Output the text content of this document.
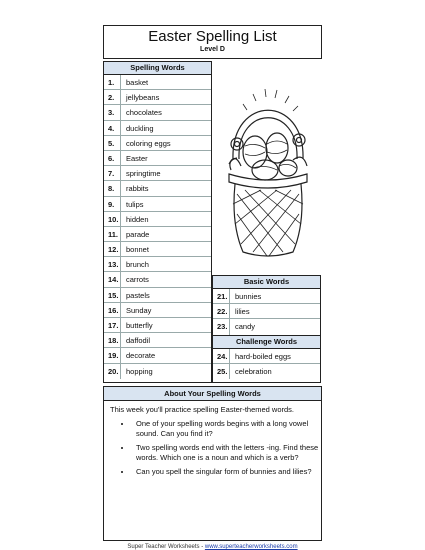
Easter Spelling List
Level D
Spelling Words
1.	basket
2.	jellybeans
3.	chocolates
4.	duckling
5.	coloring eggs
6.	Easter
7.	springtime
8.	rabbits
9.	tulips
10.	hidden
11.	parade
12.	bonnet
13.	brunch
14.	carrots
15.	pastels
16.	Sunday
17.	butterfly
18.	daffodil
19.	decorate
20.	hopping
Basic Words
21.	bunnies
22.	lilies
23.	candy
Challenge Words
24.	hard-boiled eggs
25.	celebration
About Your Spelling Words
This week you'll practice spelling Easter-themed words.
• One of your spelling words begins with a long vowel sound. Can you find it?
• Two spelling words end with the letters -ing. Find these words. Which one is a noun and which is a verb?
• Can you spell the singular form of bunnies and lilies?
Super Teacher Worksheets - www.superteacherworksheets.com
